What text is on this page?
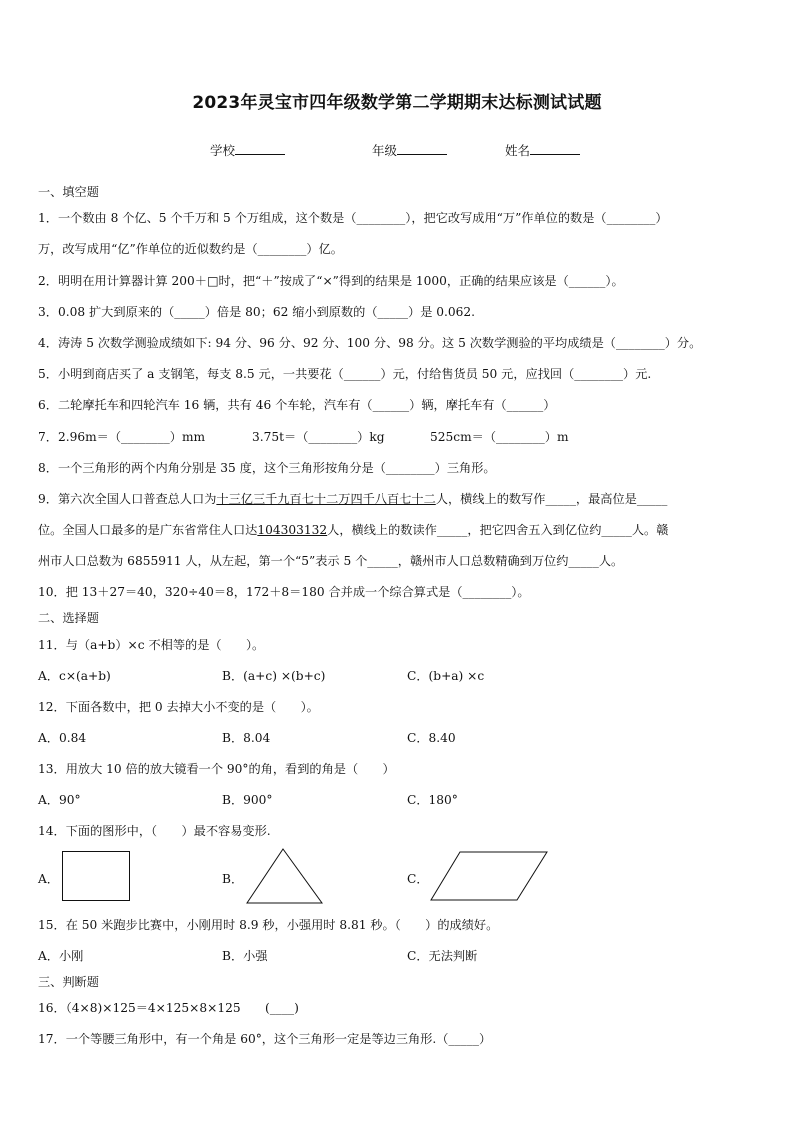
2023年灵宝市四年级数学第二学期期末达标测试试题
学校	年级	姓名
一、填空题
1．一个数由 8 个亿、5 个千万和 5 个万组成，这个数是（________），把它改写成用“万”作单位的数是（________）
万，改写成用“亿”作单位的近似数约是（________）亿。
2．明明在用计算器计算 200＋□时，把“＋”按成了“×”得到的结果是 1000，正确的结果应该是（______）。
3．0.08 扩大到原来的（_____）倍是 80；62 缩小到原数的（_____）是 0.062.
4．涛涛 5 次数学测验成绩如下: 94 分、96 分、92 分、100 分、98 分。这 5 次数学测验的平均成绩是（________）分。
5．小明到商店买了 a 支钢笔，每支 8.5 元，一共要花（______）元，付给售货员 50 元，应找回（________）元.
6．二轮摩托车和四轮汽车 16 辆，共有 46 个车轮，汽车有（______）辆，摩托车有（______）
7．2.96m＝（________）mm	3.75t＝（________）kg	525cm＝（________）m
8．一个三角形的两个内角分别是 35 度，这个三角形按角分是（________）三角形。
9．第六次全国人口普查总人口为十三亿三千九百七十二万四千八百七十二人，横线上的数写作_____，最高位是_____
位。全国人口最多的是广东省常住人口达104303132人，横线上的数读作_____，把它四舍五入到亿位约_____人。赣
州市人口总数为 6855911 人，从左起，第一个“5”表示 5 个_____，赣州市人口总数精确到万位约_____人。
10．把 13＋27＝40，320÷40＝8，172＋8＝180 合并成一个综合算式是（________）。
二、选择题
11．与（a+b）×c 不相等的是（　　）。
A．c×(a+b)	B．(a+c) ×(b+c)	C．(b+a) ×c
12．下面各数中，把 0 去掉大小不变的是（　　）。
A．0.84	B．8.04	C．8.40
13．用放大 10 倍的放大镜看一个 90°的角，看到的角是（　　）
A．90°	B．900°	C．180°
14．下面的图形中，（　　）最不容易变形.
A．	B．	C．
15．在 50 米跑步比赛中，小刚用时 8.9 秒，小强用时 8.81 秒。（　　）的成绩好。
A．小刚	B．小强	C．无法判断
三、判断题
16．（4×8)×125＝4×125×8×125　　(____)
17．一个等腰三角形中，有一个角是 60°，这个三角形一定是等边三角形.（_____）
